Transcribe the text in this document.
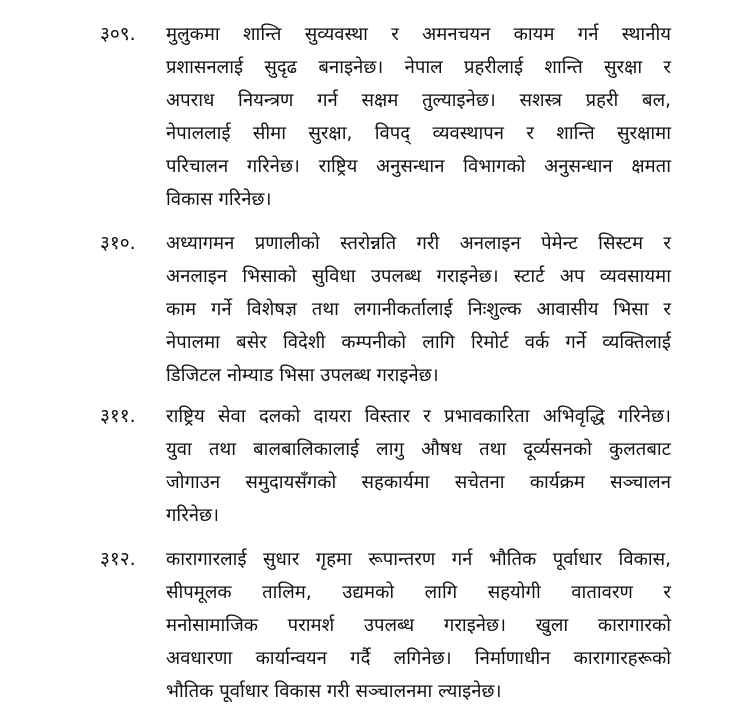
३०९. मुलुकमा शान्ति सुव्यवस्था र अमनचयन कायम गर्न स्थानीय
प्रशासनलाई सुदृढ बनाइनेछ। नेपाल प्रहरीलाई शान्ति सुरक्षा र
अपराध नियन्त्रण गर्न सक्षम तुल्याइनेछ। सशस्त्र प्रहरी बल,
नेपाललाई सीमा सुरक्षा, विपद् व्यवस्थापन र शान्ति सुरक्षामा
परिचालन गरिनेछ। राष्ट्रिय अनुसन्धान विभागको अनुसन्धान क्षमता
विकास गरिनेछ।
३१०. अध्यागमन प्रणालीको स्तरोन्नति गरी अनलाइन पेमेन्ट सिस्टम र
अनलाइन भिसाको सुविधा उपलब्ध गराइनेछ। स्टार्ट अप व्यवसायमा
काम गर्ने विशेषज्ञ तथा लगानीकर्तालाई निःशुल्क आवासीय भिसा र
नेपालमा बसेर विदेशी कम्पनीको लागि रिमोर्ट वर्क गर्ने व्यक्तिलाई
डिजिटल नोम्याड भिसा उपलब्ध गराइनेछ।
३११. राष्ट्रिय सेवा दलको दायरा विस्तार र प्रभावकारिता अभिवृद्धि गरिनेछ।
युवा तथा बालबालिकालाई लागु औषध तथा दूर्व्यसनको कुलतबाट
जोगाउन समुदायसँगको सहकार्यमा सचेतना कार्यक्रम सञ्चालन
गरिनेछ।
३१२. कारागारलाई सुधार गृहमा रूपान्तरण गर्न भौतिक पूर्वाधार विकास,
सीपमूलक तालिम, उद्यमको लागि सहयोगी वातावरण र
मनोसामाजिक परामर्श उपलब्ध गराइनेछ। खुला कारागारको
अवधारणा कार्यान्वयन गर्दै लगिनेछ। निर्माणाधीन कारागारहरूको
भौतिक पूर्वाधार विकास गरी सञ्चालनमा ल्याइनेछ।
